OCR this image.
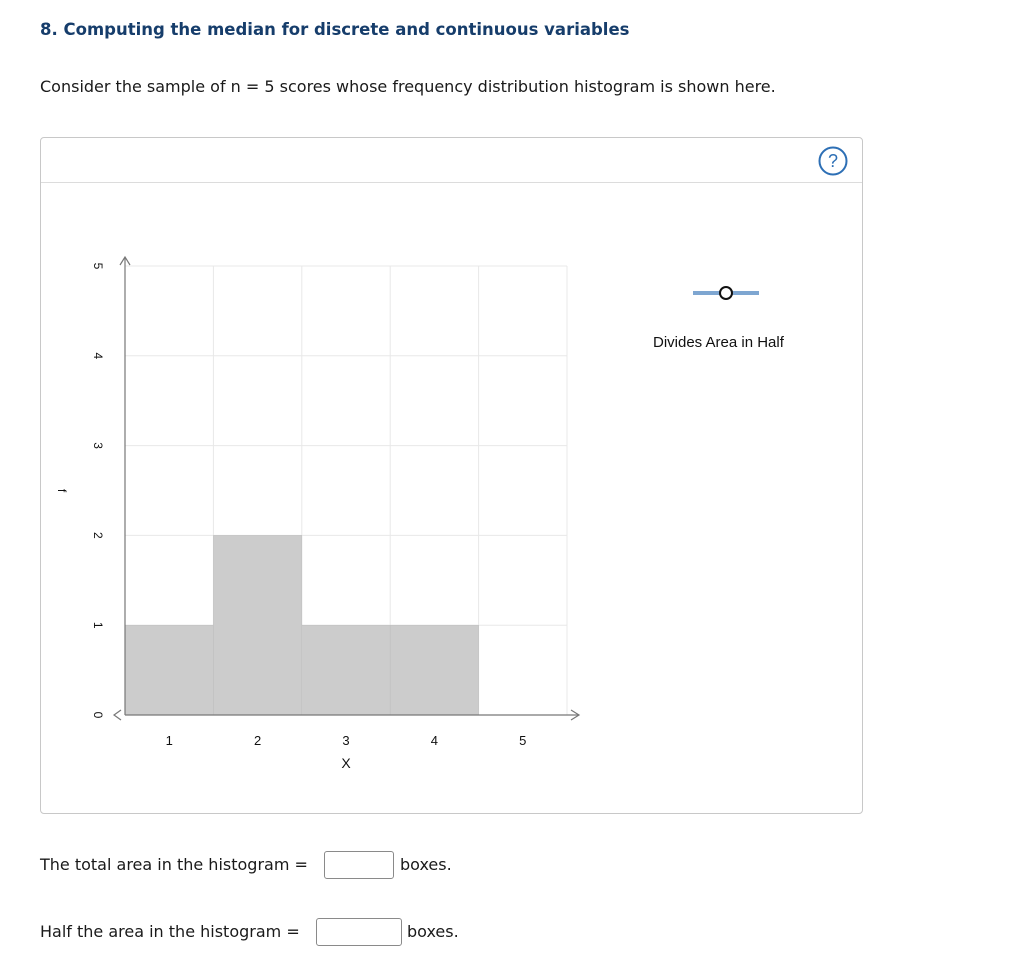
8. Computing the median for discrete and continuous variables
Consider the sample of n = 5 scores whose frequency distribution histogram is shown here.
?
1	2	3	4	5
0
1
2
3
4
5
X
f
Divides Area in Half
The total area in the histogram =	boxes.
Half the area in the histogram =	boxes.
